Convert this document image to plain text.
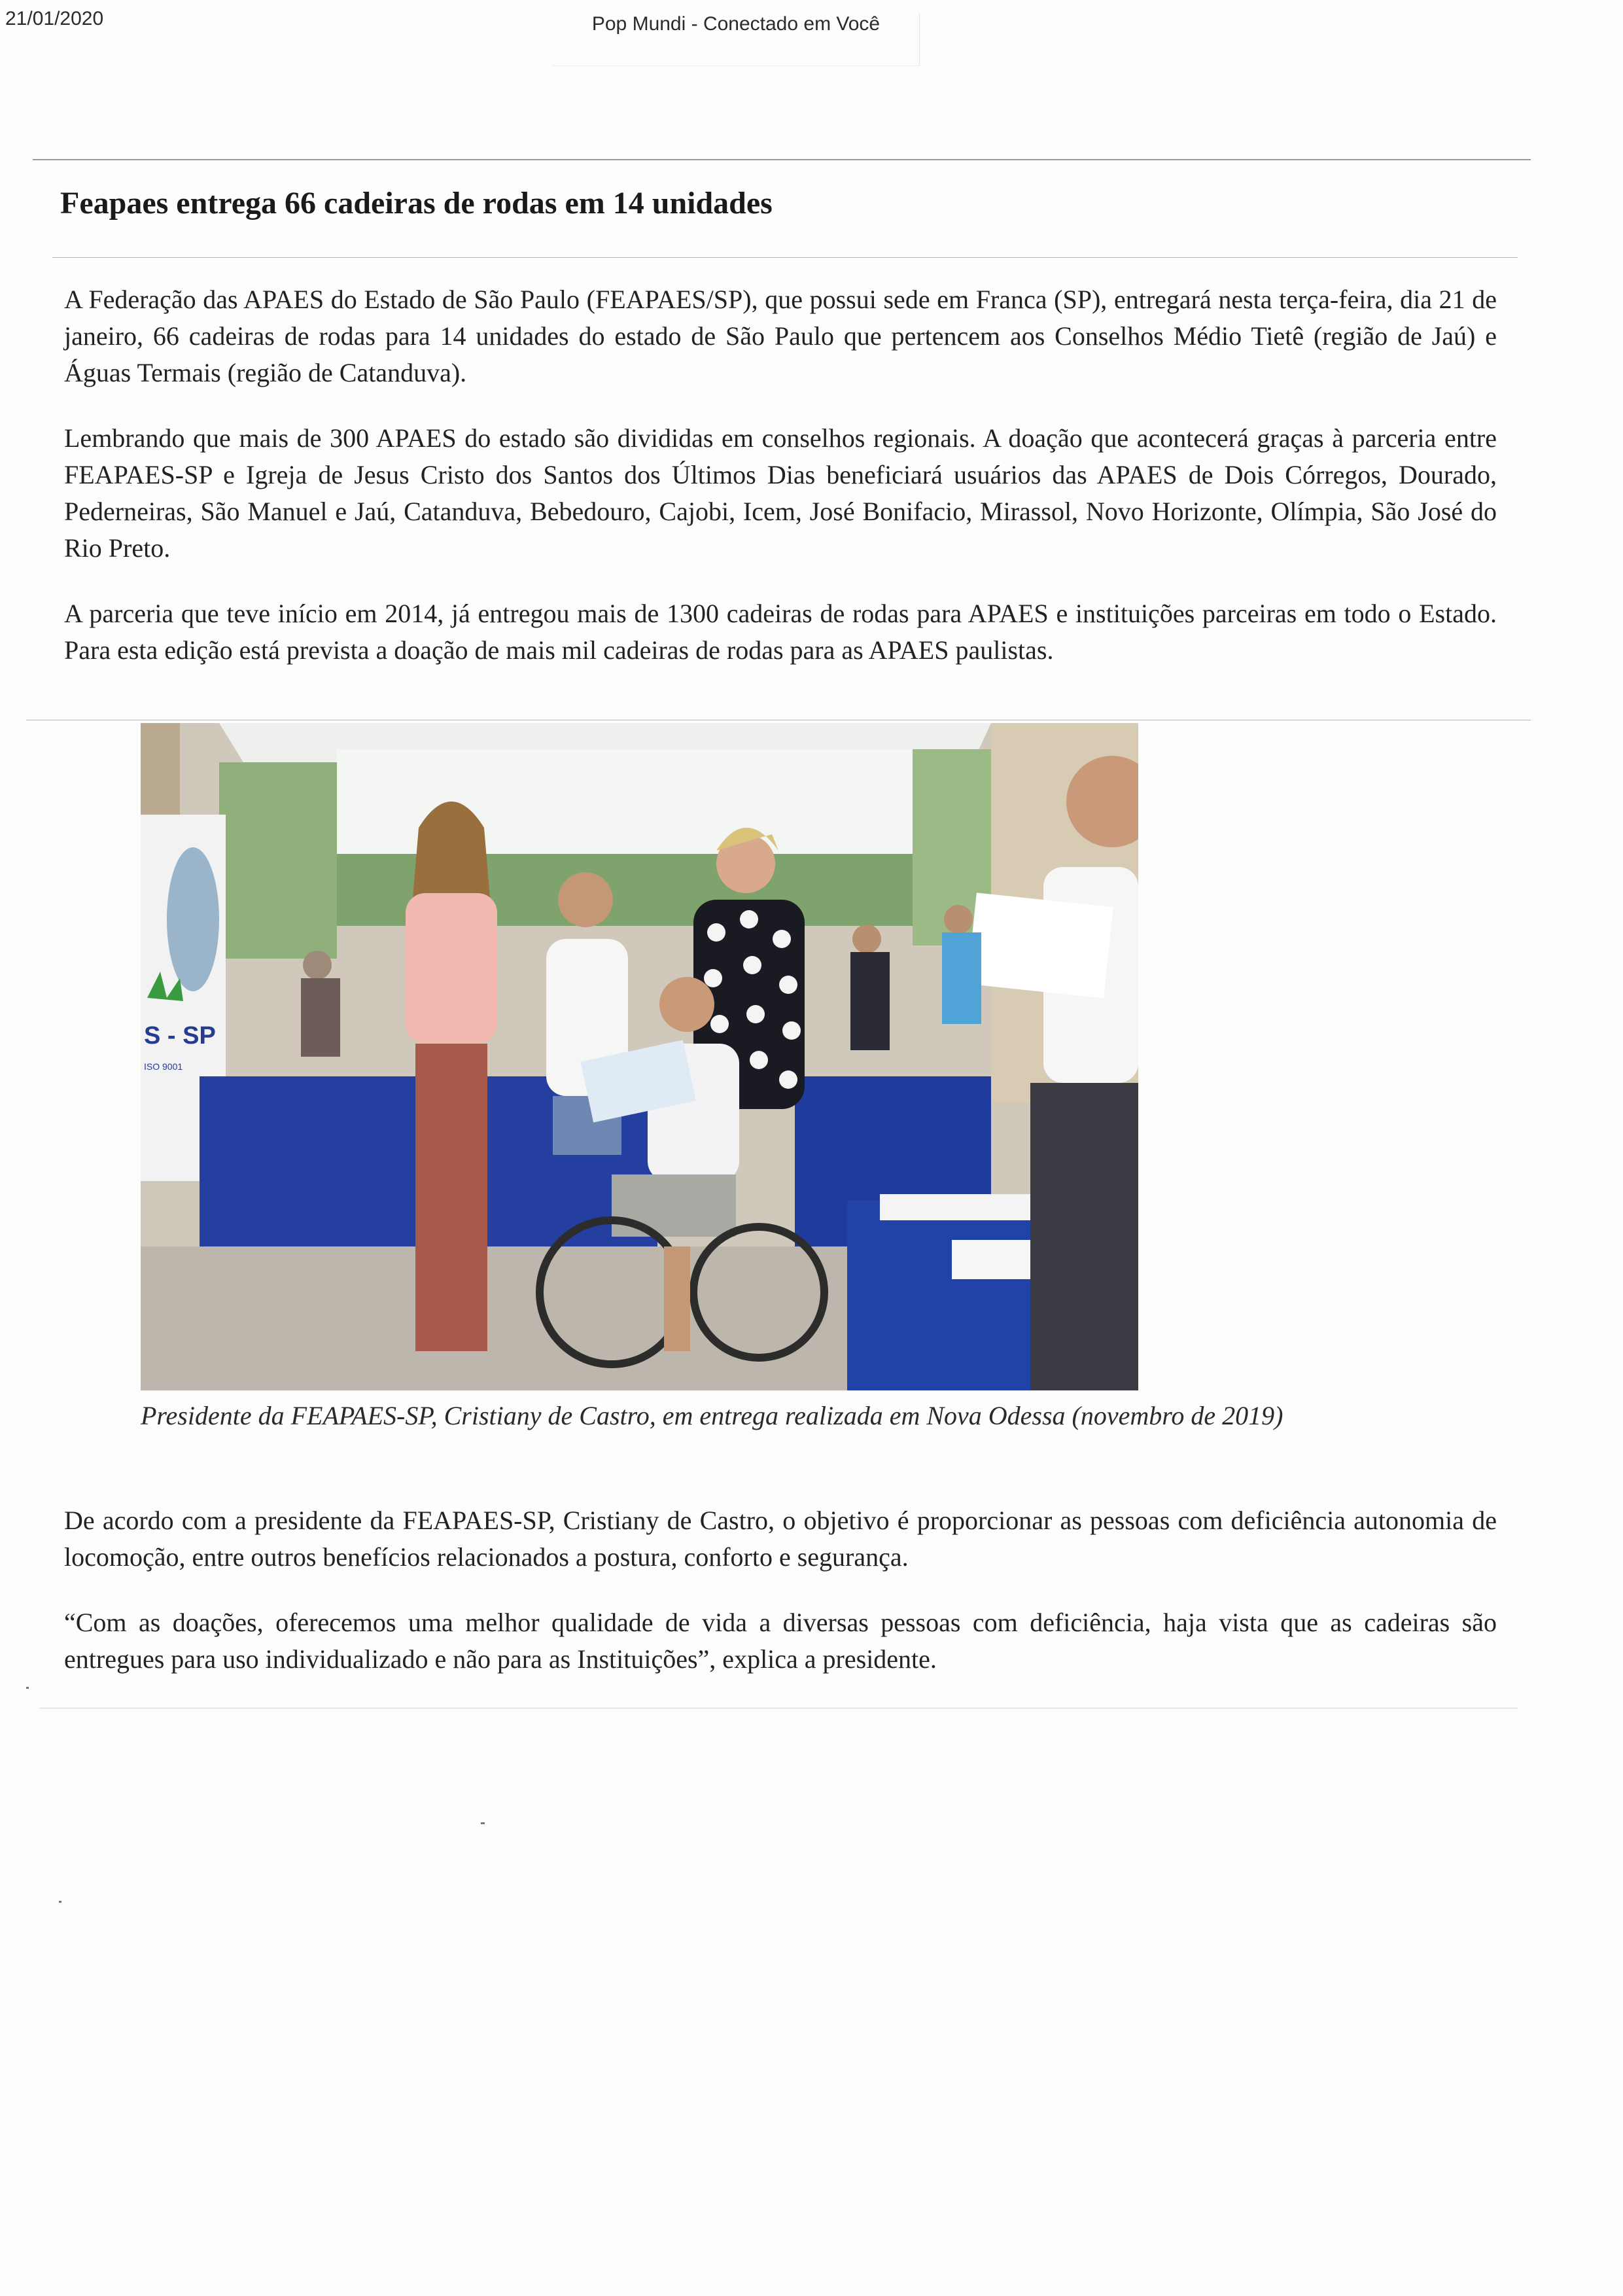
21/01/2020	Pop Mundi - Conectado em Você
Feapaes entrega 66 cadeiras de rodas em 14 unidades

A Federação das APAES do Estado de São Paulo (FEAPAES/SP), que possui sede em Franca (SP), entregará nesta terça-feira, dia 21 de janeiro, 66 cadeiras de rodas para 14 unidades do estado de São Paulo que pertencem aos Conselhos Médio Tietê (região de Jaú) e Águas Termais (região de Catanduva).

Lembrando que mais de 300 APAES do estado são divididas em conselhos regionais. A doação que acontecerá graças à parceria entre FEAPAES-SP e Igreja de Jesus Cristo dos Santos dos Últimos Dias beneficiará usuários das APAES de Dois Córregos, Dourado, Pederneiras, São Manuel e Jaú, Catanduva, Bebedouro, Cajobi, Icem, José Bonifacio, Mirassol, Novo Horizonte, Olímpia, São José do Rio Preto.

A parceria que teve início em 2014, já entregou mais de 1300 cadeiras de rodas para APAES e instituições parceiras em todo o Estado. Para esta edição está prevista a doação de mais mil cadeiras de rodas para as APAES paulistas.

S - SP
ISO 9001

Presidente da FEAPAES-SP, Cristiany de Castro, em entrega realizada em Nova Odessa (novembro de 2019)

De acordo com a presidente da FEAPAES-SP, Cristiany de Castro, o objetivo é proporcionar as pessoas com deficiência autonomia de locomoção, entre outros benefícios relacionados a postura, conforto e segurança.

“Com as doações, oferecemos uma melhor qualidade de vida a diversas pessoas com deficiência, haja vista que as cadeiras são entregues para uso individualizado e não para as Instituições”, explica a presidente.
